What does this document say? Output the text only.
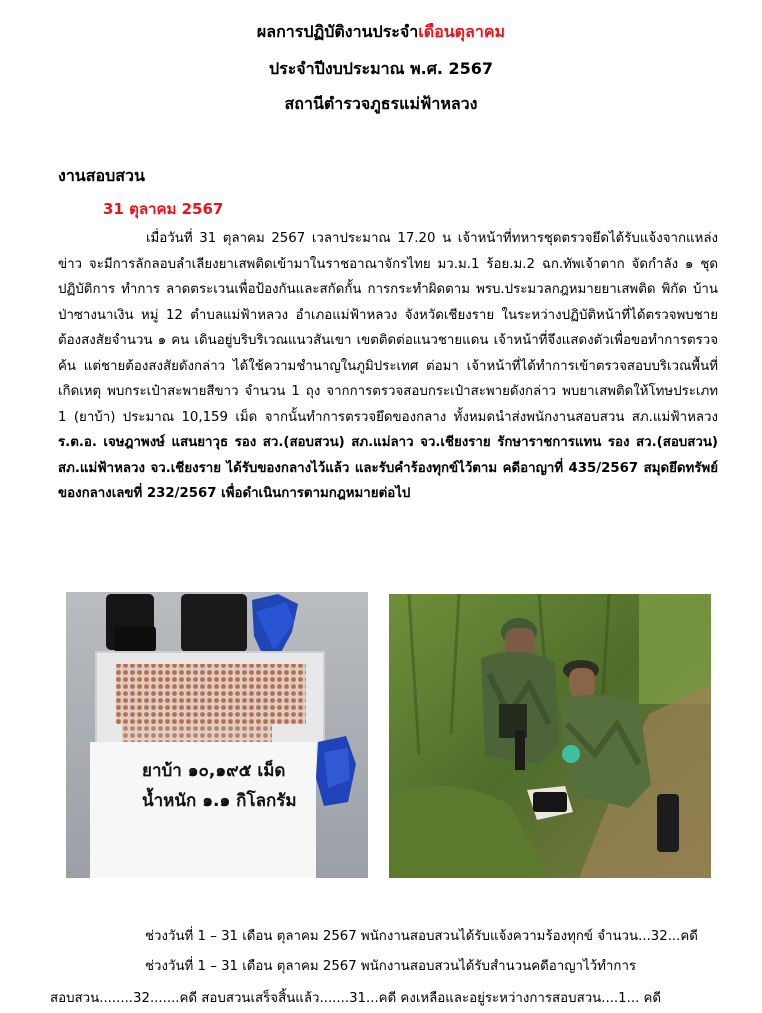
ผลการปฏิบัติงานประจำเดือนตุลาคม
ประจำปีงบประมาณ พ.ศ. 2567
สถานีตำรวจภูธรแม่ฟ้าหลวง
งานสอบสวน
31 ตุลาคม 2567
เมื่อวันที่ 31 ตุลาคม 2567 เวลาประมาณ 17.20 น เจ้าหน้าที่ทหารชุดตรวจยึดได้รับแจ้งจากแหล่งข่าว จะมีการลักลอบลำเลียงยาเสพติดเข้ามาในราชอาณาจักรไทย มว.ม.1 ร้อย.ม.2 ฉก.ทัพเจ้าตาก จัดกำลัง ๑ ชุดปฏิบัติการ ทำการ ลาดตระเวนเพื่อป้องกันและสกัดกั้น การกระทำผิดตาม พรบ.ประมวลกฎหมายยาเสพติด พิกัด บ้านป่าซางนาเงิน หมู่ 12 ตำบลแม่ฟ้าหลวง อำเภอแม่ฟ้าหลวง จังหวัดเชียงราย ในระหว่างปฏิบัติหน้าที่ได้ตรวจพบชายต้องสงสัยจำนวน ๑ คน เดินอยู่บริบริเวณแนวสันเขา เขตติดต่อแนวชายแดน เจ้าหน้าที่จึงแสดงตัวเพื่อขอทำการตรวจค้น แต่ชายต้องสงสัยดังกล่าว ได้ใช้ความชำนาญในภูมิประเทศ ต่อมา เจ้าหน้าที่ได้ทำการเข้าตรวจสอบบริเวณพื้นที่เกิดเหตุ พบกระเป๋าสะพายสีขาว จำนวน 1 ถุง จากการตรวจสอบกระเป๋าสะพายดังกล่าว พบยาเสพติดให้โทษประเภท 1 (ยาบ้า) ประมาณ 10,159 เม็ด จากนั้นทำการตรวจยึดของกลาง ทั้งหมดนำส่งพนักงานสอบสวน สภ.แม่ฟ้าหลวง ร.ต.อ. เจษฎาพงษ์ แสนยาวุธ รอง สว.(สอบสวน) สภ.แม่ลาว จว.เชียงราย รักษาราชการแทน รอง สว.(สอบสวน) สภ.แม่ฟ้าหลวง จว.เชียงราย ได้รับของกลางไว้แล้ว และรับคำร้องทุกข์ไว้ตาม คดีอาญาที่ 435/2567 สมุดยึดทรัพย์ของกลางเลขที่ 232/2567 เพื่อดำเนินการตามกฎหมายต่อไป
ยาบ้า ๑๐,๑๙๕ เม็ด
น้ำหนัก ๑.๑ กิโลกรัม
ช่วงวันที่ 1 – 31 เดือน ตุลาคม 2567 พนักงานสอบสวนได้รับแจ้งความร้องทุกข์ จำนวน...32...คดี
ช่วงวันที่ 1 – 31 เดือน ตุลาคม 2567 พนักงานสอบสวนได้รับสำนวนคดีอาญาไว้ทำการ
สอบสวน........32.......คดี สอบสวนเสร็จสิ้นแล้ว.......31...คดี คงเหลือและอยู่ระหว่างการสอบสวน....1... คดี
